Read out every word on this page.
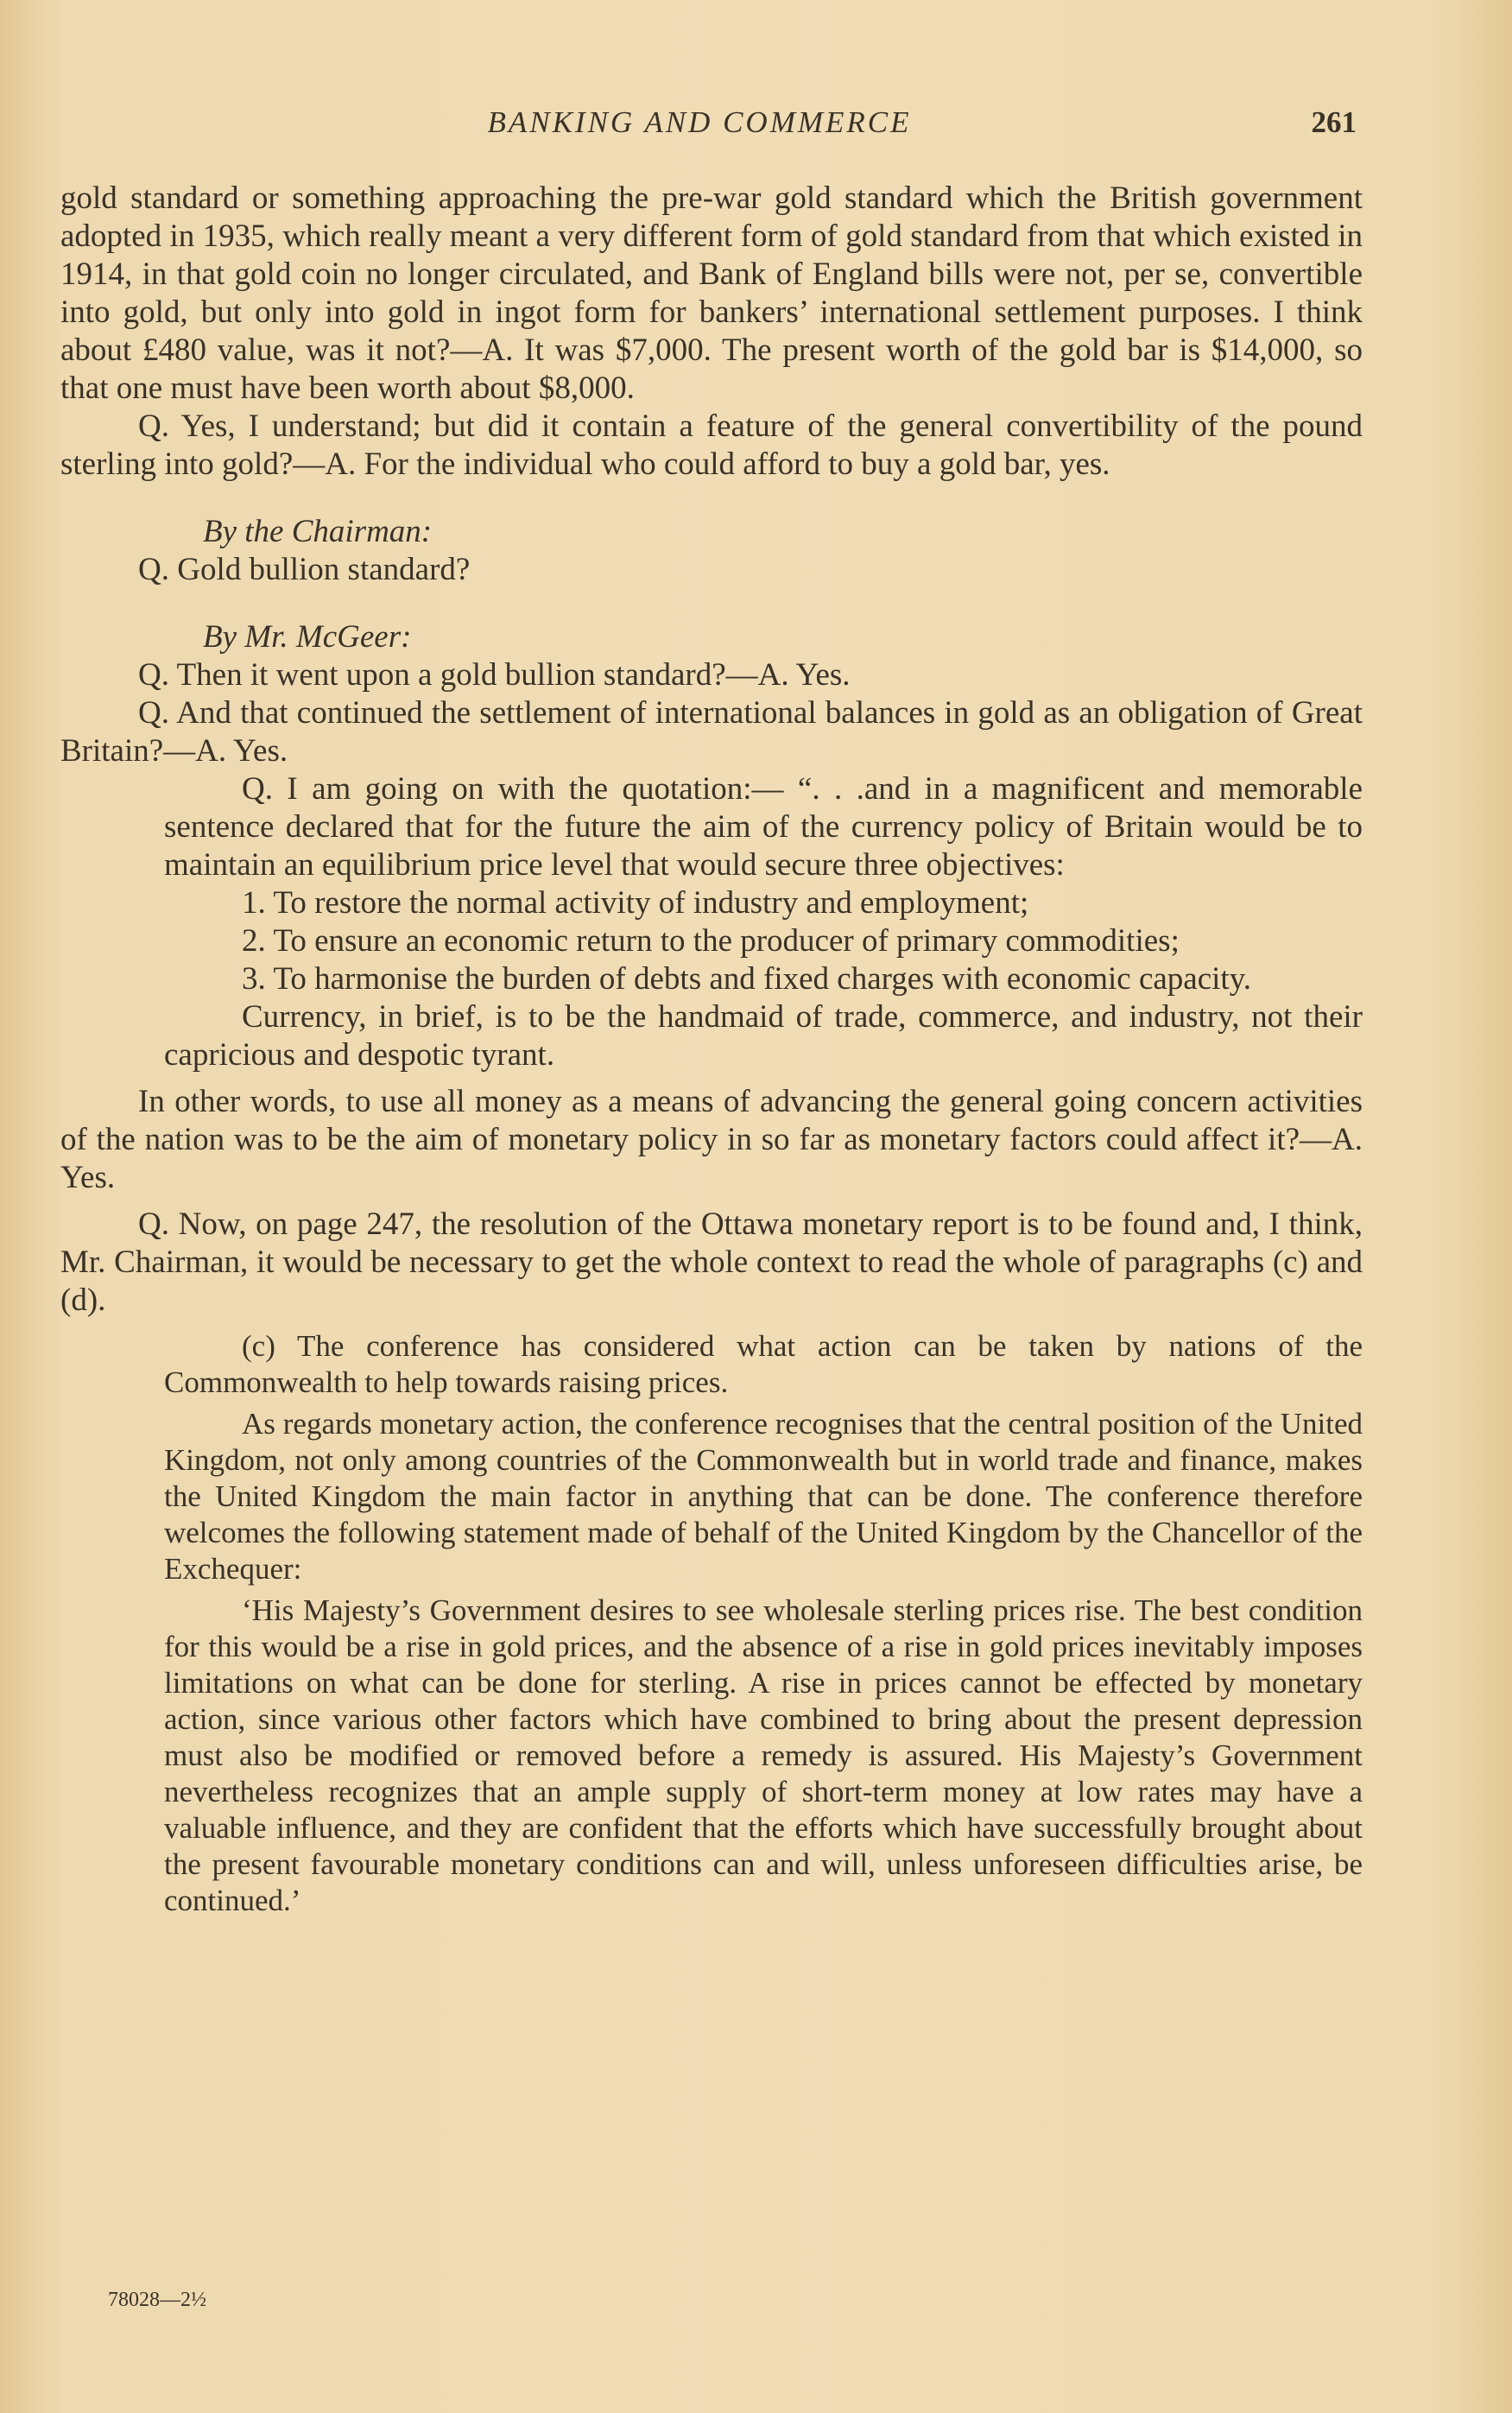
BANKING AND COMMERCE	261

gold standard or something approaching the pre-war gold standard which the British government adopted in 1935, which really meant a very different form of gold standard from that which existed in 1914, in that gold coin no longer circulated, and Bank of England bills were not, per se, convertible into gold, but only into gold in ingot form for bankers’ international settlement purposes. I think about £480 value, was it not?—A. It was $7,000. The present worth of the gold bar is $14,000, so that one must have been worth about $8,000.

Q. Yes, I understand; but did it contain a feature of the general convertibility of the pound sterling into gold?—A. For the individual who could afford to buy a gold bar, yes.

By the Chairman:

Q. Gold bullion standard?

By Mr. McGeer:

Q. Then it went upon a gold bullion standard?—A. Yes.

Q. And that continued the settlement of international balances in gold as an obligation of Great Britain?—A. Yes.

Q. I am going on with the quotation:— “. . .and in a magnificent and memorable sentence declared that for the future the aim of the currency policy of Britain would be to maintain an equilibrium price level that would secure three objectives:

1. To restore the normal activity of industry and employment;

2. To ensure an economic return to the producer of primary commodities;

3. To harmonise the burden of debts and fixed charges with economic capacity.

Currency, in brief, is to be the handmaid of trade, commerce, and industry, not their capricious and despotic tyrant.

In other words, to use all money as a means of advancing the general going concern activities of the nation was to be the aim of monetary policy in so far as monetary factors could affect it?—A. Yes.

Q. Now, on page 247, the resolution of the Ottawa monetary report is to be found and, I think, Mr. Chairman, it would be necessary to get the whole context to read the whole of paragraphs (c) and (d).

(c) The conference has considered what action can be taken by nations of the Commonwealth to help towards raising prices.

As regards monetary action, the conference recognises that the central position of the United Kingdom, not only among countries of the Commonwealth but in world trade and finance, makes the United Kingdom the main factor in anything that can be done. The conference therefore welcomes the following statement made of behalf of the United Kingdom by the Chancellor of the Exchequer:

‘His Majesty’s Government desires to see wholesale sterling prices rise. The best condition for this would be a rise in gold prices, and the absence of a rise in gold prices inevitably imposes limitations on what can be done for sterling. A rise in prices cannot be effected by monetary action, since various other factors which have combined to bring about the present depression must also be modified or removed before a remedy is assured. His Majesty’s Government nevertheless recognizes that an ample supply of short-term money at low rates may have a valuable influence, and they are confident that the efforts which have successfully brought about the present favourable monetary conditions can and will, unless unforeseen difficulties arise, be continued.’

78028—2½
